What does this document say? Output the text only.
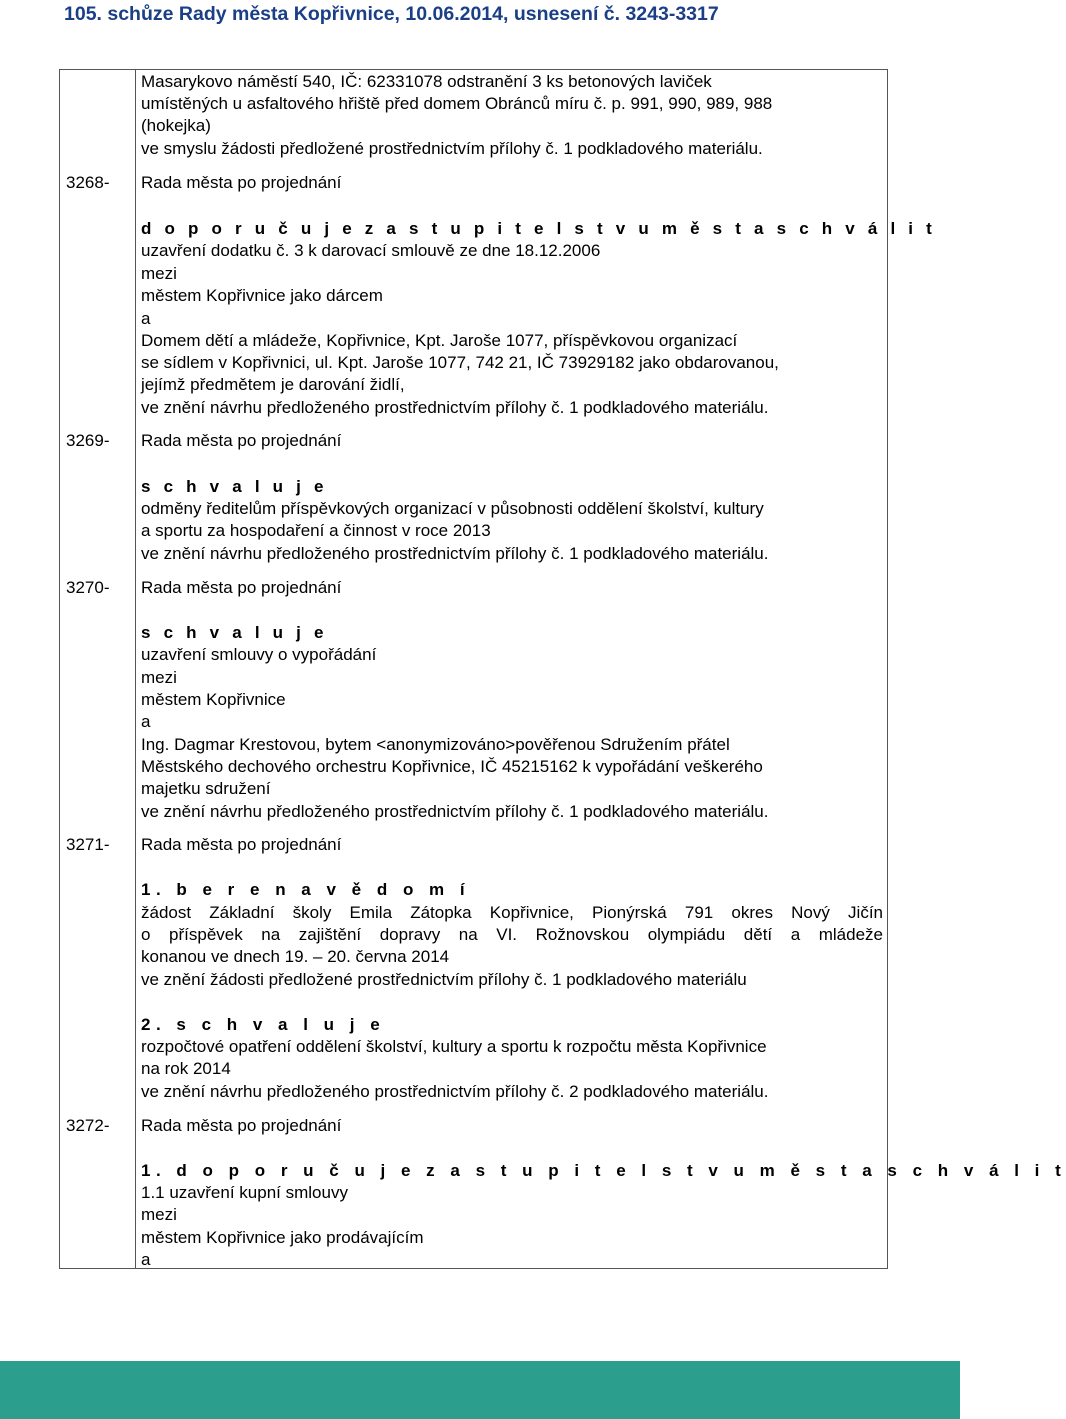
105. schůze Rady města Kopřivnice, 10.06.2014, usnesení č. 3243-3317
Masarykovo náměstí 540, IČ: 62331078 odstranění 3 ks betonových laviček
umístěných u asfaltového hřiště před domem Obránců míru č. p. 991, 990, 989, 988
(hokejka)
ve smyslu žádosti předložené prostřednictvím přílohy č. 1 podkladového materiálu.
3268- Rada města po projednání
d o p o r u č u j e z a s t u p i t e l s t v u m ě s t a s c h v á l i t
uzavření dodatku č. 3 k darovací smlouvě ze dne 18.12.2006
mezi
městem Kopřivnice jako dárcem
a
Domem dětí a mládeže, Kopřivnice, Kpt. Jaroše 1077, příspěvkovou organizací
se sídlem v Kopřivnici, ul. Kpt. Jaroše 1077, 742 21, IČ 73929182 jako obdarovanou,
jejímž předmětem je darování židlí,
ve znění návrhu předloženého prostřednictvím přílohy č. 1 podkladového materiálu.
3269- Rada města po projednání
s c h v a l u j e
odměny ředitelům příspěvkových organizací v působnosti oddělení školství, kultury
a sportu za hospodaření a činnost v roce 2013
ve znění návrhu předloženého prostřednictvím přílohy č. 1 podkladového materiálu.
3270- Rada města po projednání
s c h v a l u j e
uzavření smlouvy o vypořádání
mezi
městem Kopřivnice
a
Ing. Dagmar Krestovou, bytem <anonymizováno>pověřenou Sdružením přátel
Městského dechového orchestru Kopřivnice, IČ 45215162 k vypořádání veškerého
majetku sdružení
ve znění návrhu předloženého prostřednictvím přílohy č. 1 podkladového materiálu.
3271- Rada města po projednání
1. b e r e n a v ě d o m í
žádost Základní školy Emila Zátopka Kopřivnice, Pionýrská 791 okres Nový Jičín
o příspěvek na zajištění dopravy na VI. Rožnovskou olympiádu dětí a mládeže
konanou ve dnech 19. – 20. června 2014
ve znění žádosti předložené prostřednictvím přílohy č. 1 podkladového materiálu
2. s c h v a l u j e
rozpočtové opatření oddělení školství, kultury a sportu k rozpočtu města Kopřivnice
na rok 2014
ve znění návrhu předloženého prostřednictvím přílohy č. 2 podkladového materiálu.
3272- Rada města po projednání
1. d o p o r u č u j e z a s t u p i t e l s t v u m ě s t a s c h v á l i t
1.1 uzavření kupní smlouvy
mezi
městem Kopřivnice jako prodávajícím
a
